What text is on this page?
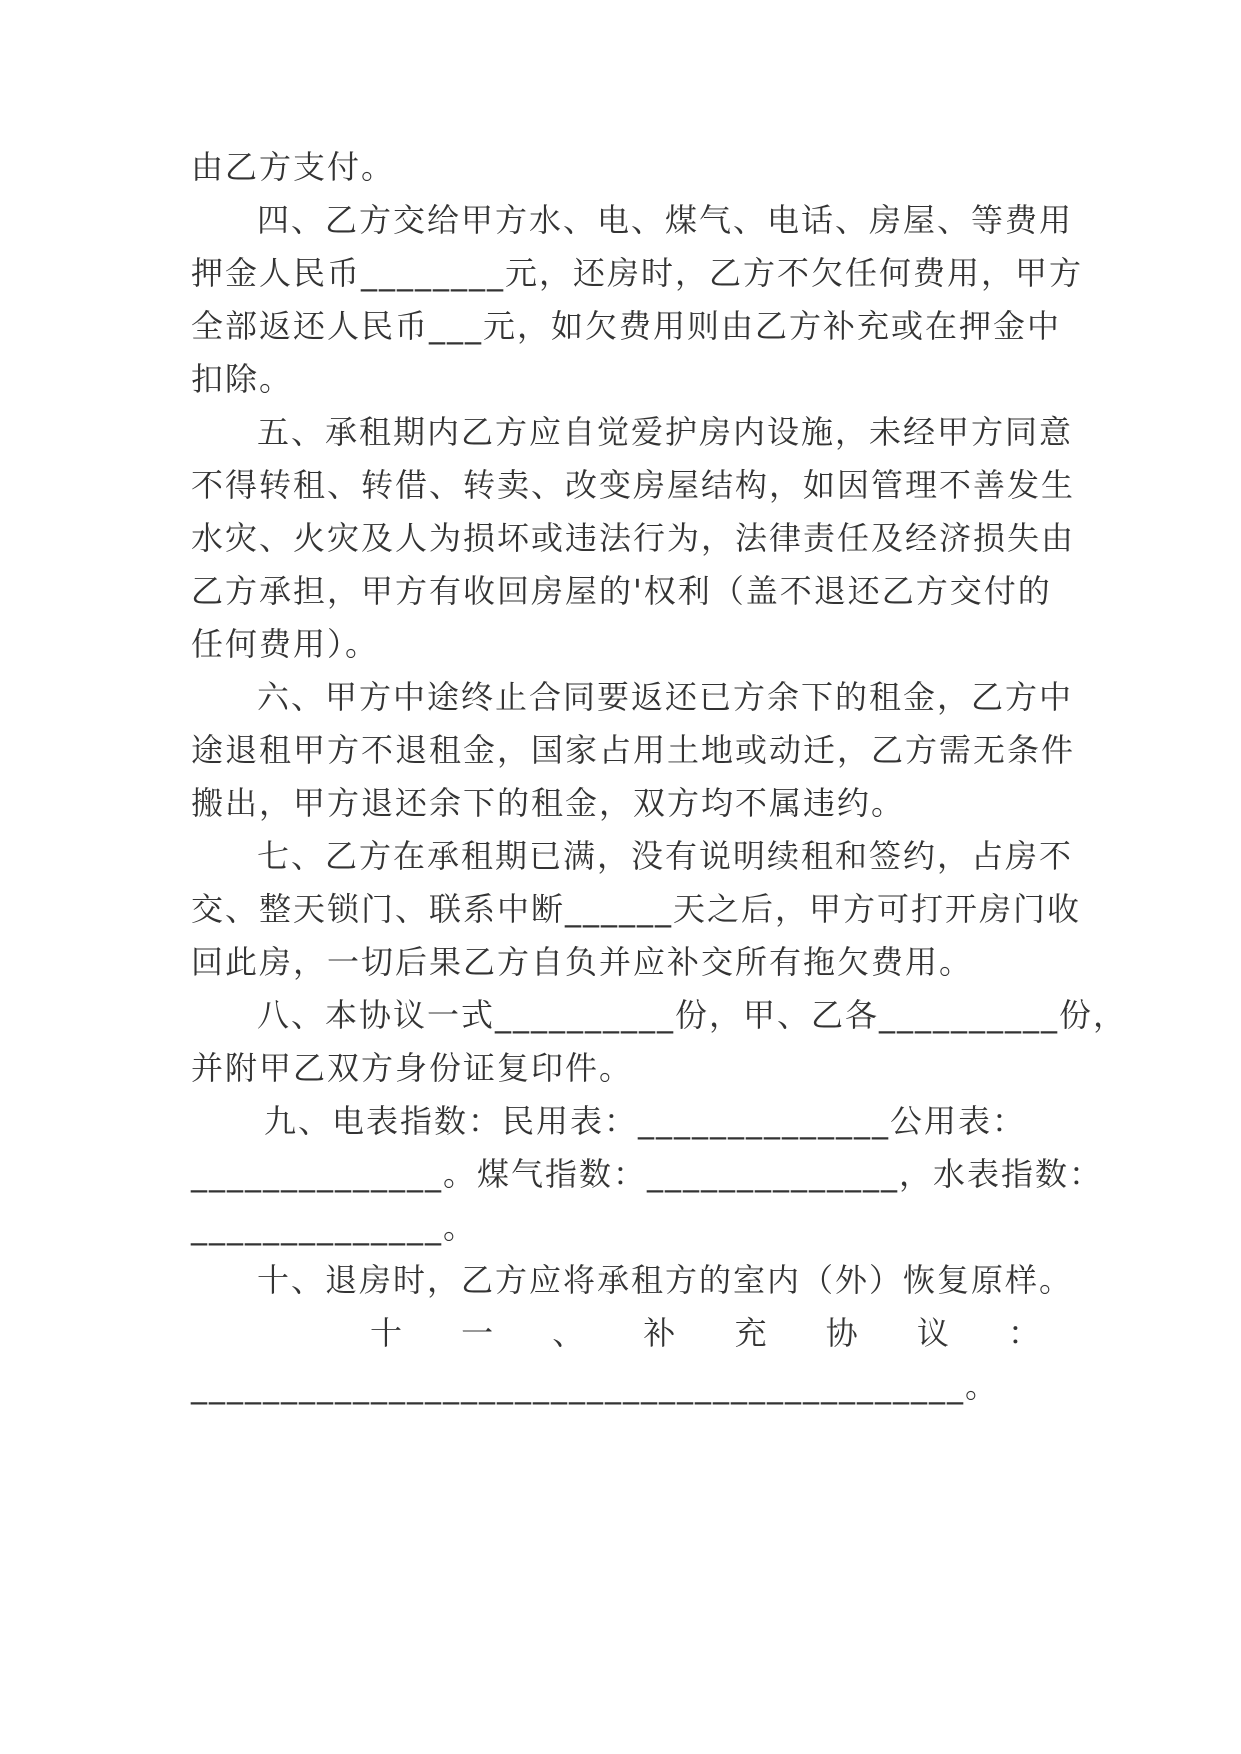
由乙方支付。
四、乙方交给甲方水、电、煤气、电话、房屋、等费用
押金人民币________元，还房时，乙方不欠任何费用，甲方
全部返还人民币___元，如欠费用则由乙方补充或在押金中
扣除。
五、承租期内乙方应自觉爱护房内设施，未经甲方同意
不得转租、转借、转卖、改变房屋结构，如因管理不善发生
水灾、火灾及人为损坏或违法行为，法律责任及经济损失由
乙方承担，甲方有收回房屋的'权利（盖不退还乙方交付的
任何费用）。
六、甲方中途终止合同要返还已方余下的租金，乙方中
途退租甲方不退租金，国家占用土地或动迁，乙方需无条件
搬出，甲方退还余下的租金，双方均不属违约。
七、乙方在承租期已满，没有说明续租和签约，占房不
交、整天锁门、联系中断______天之后，甲方可打开房门收
回此房，一切后果乙方自负并应补交所有拖欠费用。
八、本协议一式__________份，甲、乙各__________份，
并附甲乙双方身份证复印件。
九、电表指数：民用表：______________公用表：
______________。煤气指数：______________，水表指数：
______________。
十、退房时，乙方应将承租方的室内（外）恢复原样。
十 一 、 补 充 协 议 ：
___________________________________________。
